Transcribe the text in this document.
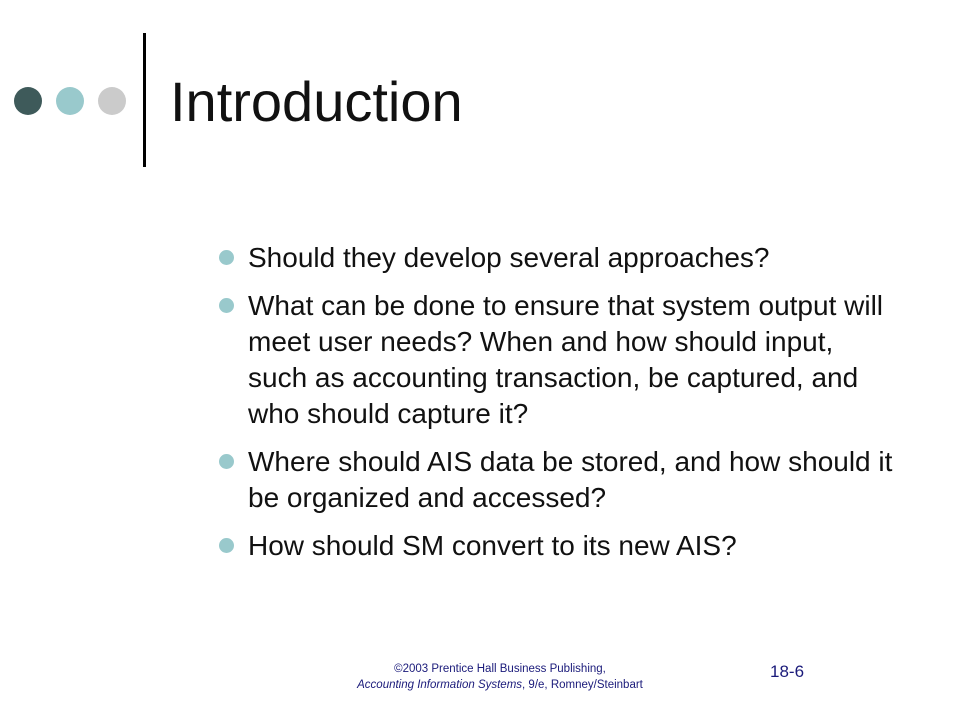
Introduction
Should they develop several approaches?
What can be done to ensure that system output will meet user needs? When and how should input, such as accounting transaction, be captured, and who should capture it?
Where should AIS data be stored, and how should it be organized and accessed?
How should SM convert to its new AIS?
©2003 Prentice Hall Business Publishing,
Accounting Information Systems, 9/e, Romney/Steinbart
18-6
